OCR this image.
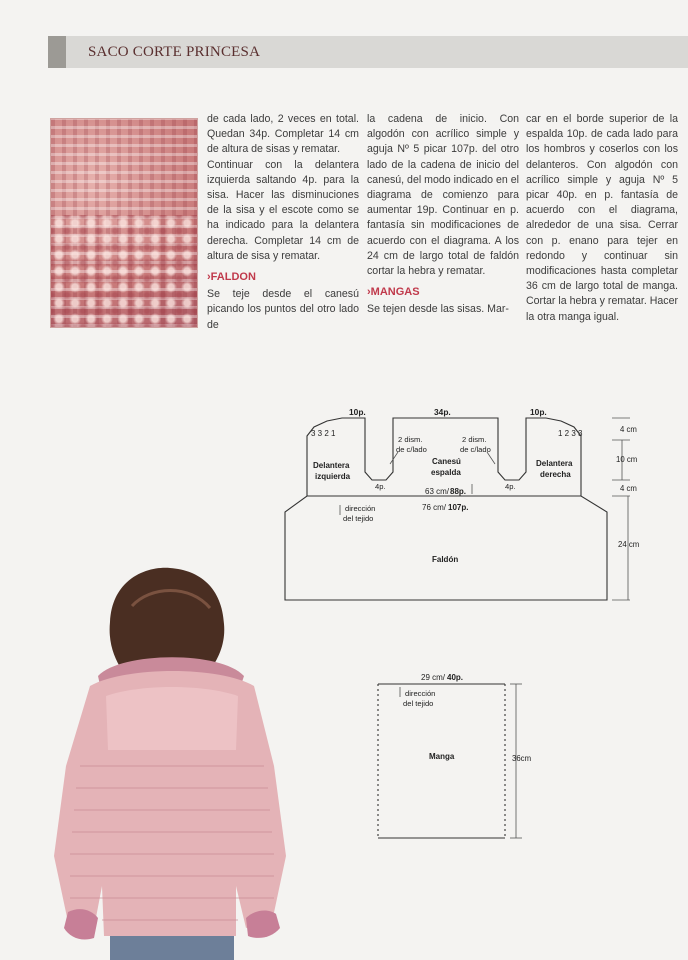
SACO CORTE PRINCESA

de cada lado, 2 veces en total. Quedan 34p. Completar 14 cm de altura de sisas y rematar.

Continuar con la delantera izquierda saltando 4p. para la sisa. Hacer las disminuciones de la sisa y el escote como se ha indicado para la delantera derecha. Completar 14 cm de altura de sisa y rematar.

›FALDON

Se teje desde el canesú picando los puntos del otro lado de

la cadena de inicio. Con algodón con acrílico simple y aguja Nº 5 picar 107p. del otro lado de la cadena de inicio del canesú, del modo indicado en el diagrama de comienzo para aumentar 19p. Continuar en p. fantasía sin modificaciones de acuerdo con el diagrama. A los 24 cm de largo total de faldón cortar la hebra y rematar.

›MANGAS

Se tejen desde las sisas. Mar-

car en el borde superior de la espalda 10p. de cada lado para los hombros y coserlos con los delanteros. Con algodón con acrílico simple y aguja Nº 5 picar 40p. en p. fantasía de acuerdo con el diagrama, alrededor de una sisa. Cerrar con p. enano para tejer en redondo y continuar sin modificaciones hasta completar 36 cm de largo total de manga. Cortar la hebra y rematar. Hacer la otra manga igual.

10p.	34p.	10p.
3 3 2 1	1 2 3 3
2 dism.
de c/lado
2 dism.
de c/lado
4p.	4p.
Delantera
izquierda
Canesú
espalda
Delantera
derecha
63 cm/ 88p.
dirección
del tejido
76 cm/ 107p.
Faldón
4 cm
10 cm
4 cm
24 cm
29 cm/ 40p.
dirección
del tejido
Manga	36cm
